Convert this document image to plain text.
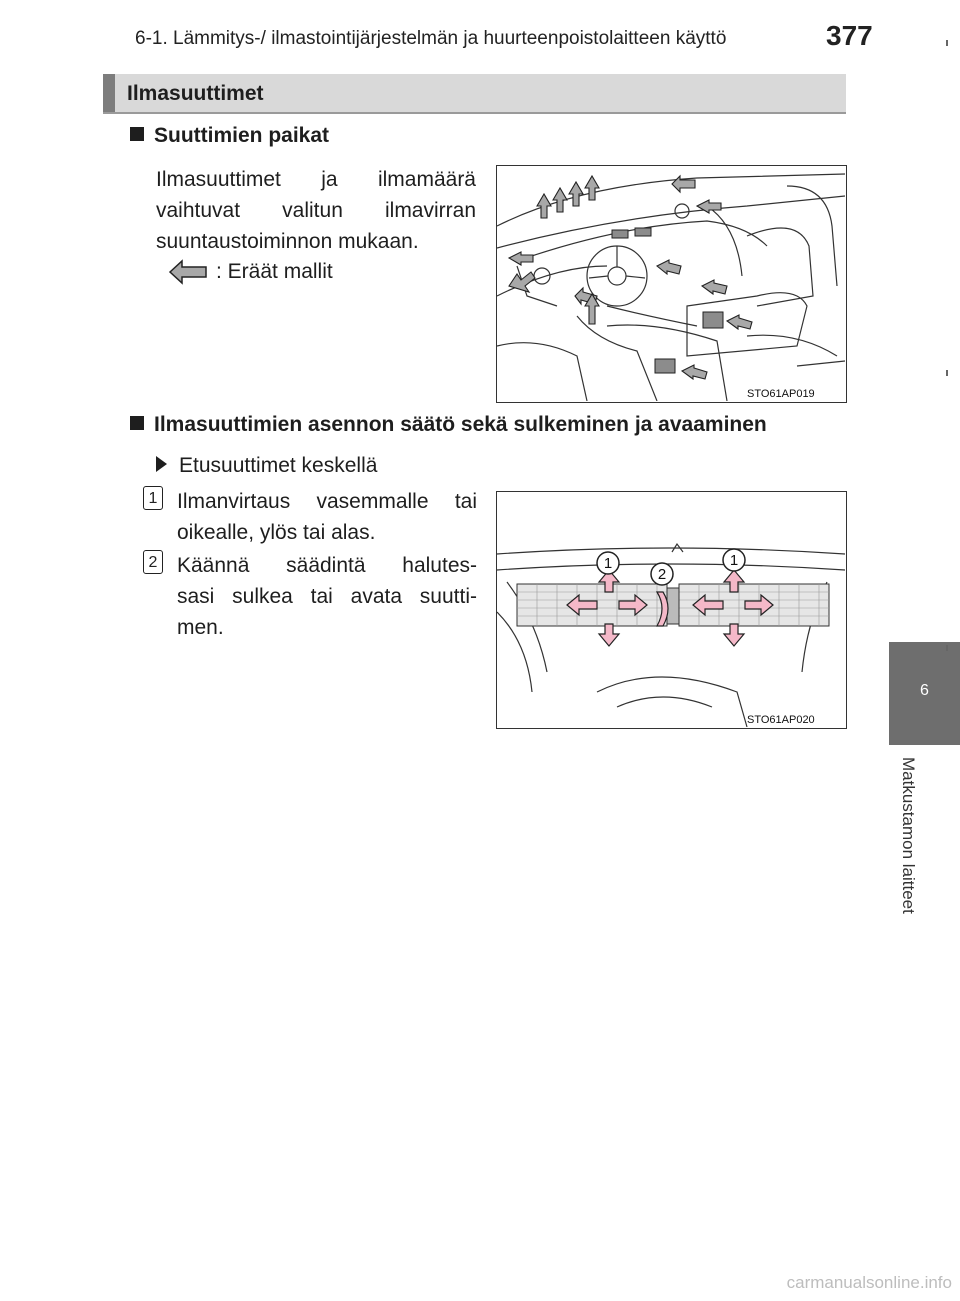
6-1. Lämmitys-/ ilmastointijärjestelmän ja huurteenpoistolaitteen käyttö	377
Ilmasuuttimet
Suuttimien paikat
Ilmasuuttimet ja ilmamäärä
vaihtuvat valitun ilmavirran
suuntaustoiminnon mukaan.
: Eräät mallit
STO61AP019
Ilmasuuttimien asennon säätö sekä sulkeminen ja avaaminen
Etusuuttimet keskellä
1 Ilmanvirtaus vasemmalle tai
oikealle, ylös tai alas.
2 Käännä säädintä halutes-
sasi sulkea tai avata suutti-
men.
1
2
1
STO61AP020
6
Matkustamon laitteet
carmanualsonline.info
